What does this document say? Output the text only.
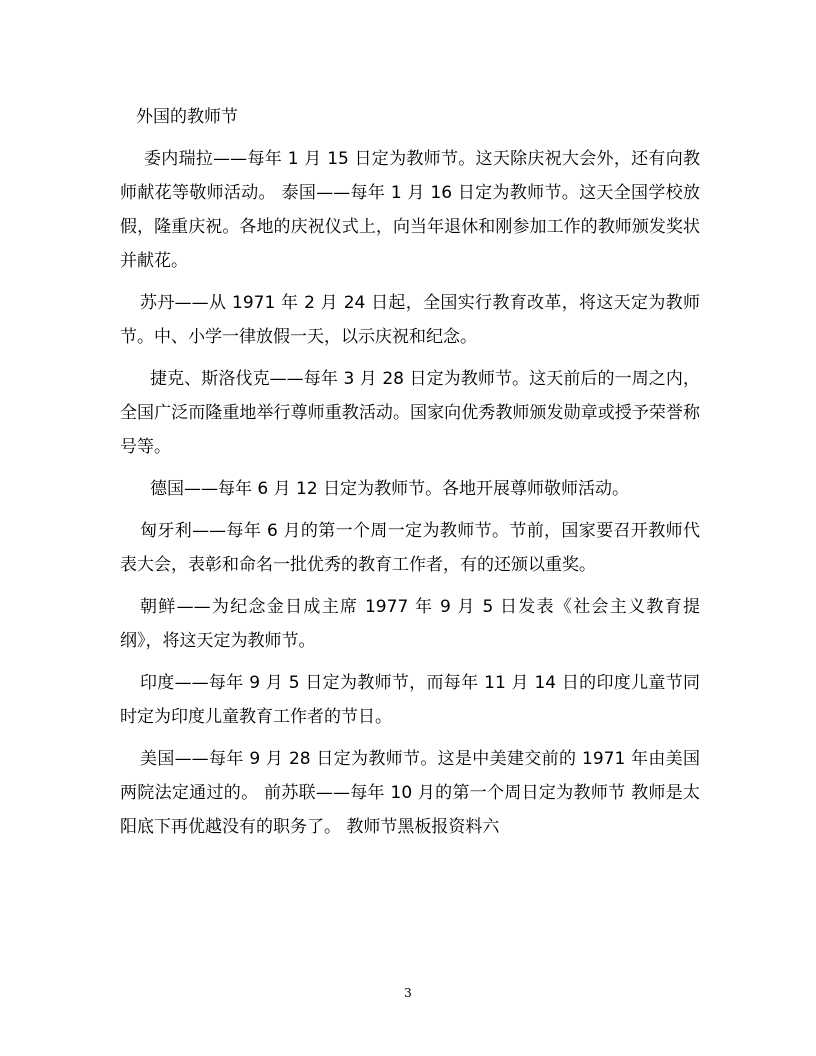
外国的教师节

委内瑞拉——每年 1 月 15 日定为教师节。这天除庆祝大会外，还有向教师献花等敬师活动。 泰国——每年 1 月 16 日定为教师节。这天全国学校放假，隆重庆祝。各地的庆祝仪式上，向当年退休和刚参加工作的教师颁发奖状并献花。

苏丹——从 1971 年 2 月 24 日起，全国实行教育改革，将这天定为教师节。中、小学一律放假一天，以示庆祝和纪念。

捷克、斯洛伐克——每年 3 月 28 日定为教师节。这天前后的一周之内，全国广泛而隆重地举行尊师重教活动。国家向优秀教师颁发勋章或授予荣誉称号等。

德国——每年 6 月 12 日定为教师节。各地开展尊师敬师活动。

匈牙利——每年 6 月的第一个周一定为教师节。节前，国家要召开教师代表大会，表彰和命名一批优秀的教育工作者，有的还颁以重奖。

朝鲜——为纪念金日成主席 1977 年 9 月 5 日发表《社会主义教育提纲》，将这天定为教师节。

印度——每年 9 月 5 日定为教师节，而每年 11 月 14 日的印度儿童节同时定为印度儿童教育工作者的节日。

美国——每年 9 月 28 日定为教师节。这是中美建交前的 1971 年由美国两院法定通过的。 前苏联——每年 10 月的第一个周日定为教师节 教师是太阳底下再优越没有的职务了。 教师节黑板报资料六

3
